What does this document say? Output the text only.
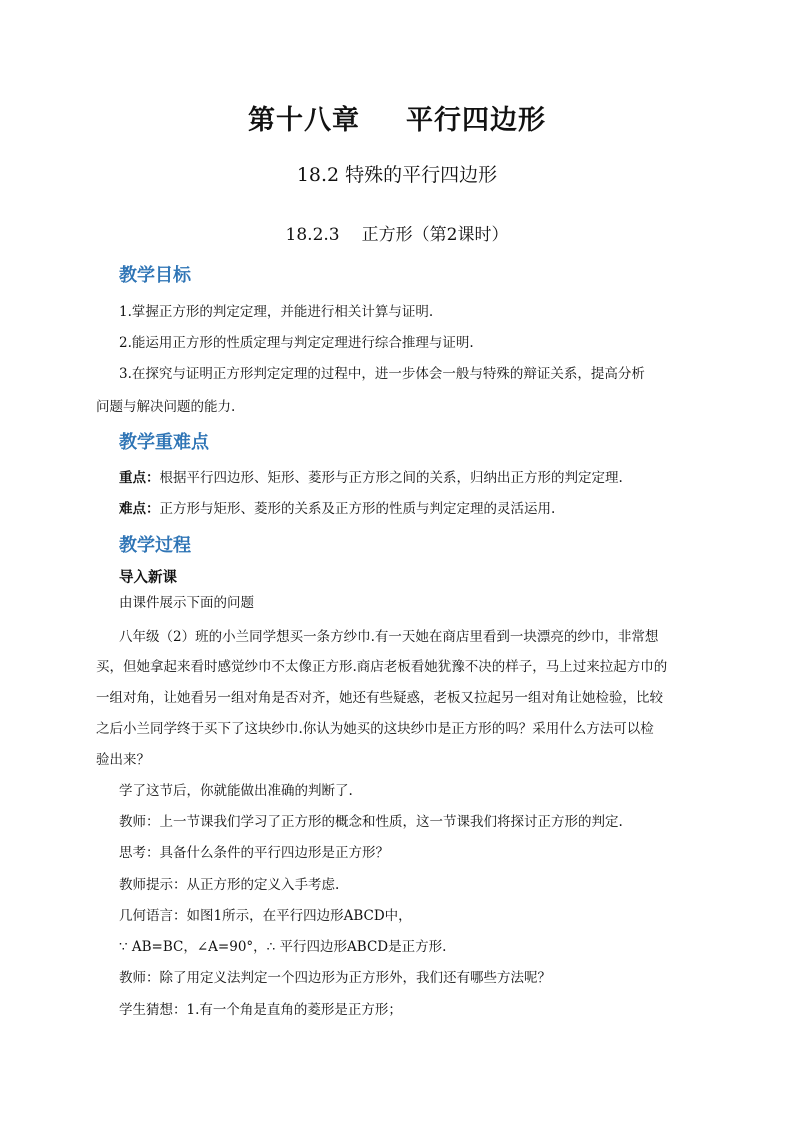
第十八章 平行四边形
18.2 特殊的平行四边形
18.2.3 正方形（第2课时）
教学目标
1.掌握正方形的判定定理，并能进行相关计算与证明.
2.能运用正方形的性质定理与判定定理进行综合推理与证明.
3.在探究与证明正方形判定定理的过程中，进一步体会一般与特殊的辩证关系，提高分析
问题与解决问题的能力.
教学重难点
重点：根据平行四边形、矩形、菱形与正方形之间的关系，归纳出正方形的判定定理.
难点：正方形与矩形、菱形的关系及正方形的性质与判定定理的灵活运用.
教学过程
导入新课
由课件展示下面的问题
八年级（2）班的小兰同学想买一条方纱巾.有一天她在商店里看到一块漂亮的纱巾，非常想
买，但她拿起来看时感觉纱巾不太像正方形.商店老板看她犹豫不决的样子，马上过来拉起方巾的
一组对角，让她看另一组对角是否对齐，她还有些疑惑，老板又拉起另一组对角让她检验，比较
之后小兰同学终于买下了这块纱巾.你认为她买的这块纱巾是正方形的吗？采用什么方法可以检
验出来？
学了这节后，你就能做出准确的判断了.
教师：上一节课我们学习了正方形的概念和性质，这一节课我们将探讨正方形的判定.
思考：具备什么条件的平行四边形是正方形？
教师提示：从正方形的定义入手考虑.
几何语言：如图1所示，在平行四边形ABCD中，
∵ AB=BC，∠A=90°，∴ 平行四边形ABCD是正方形.
教师：除了用定义法判定一个四边形为正方形外，我们还有哪些方法呢？
学生猜想：1.有一个角是直角的菱形是正方形；
